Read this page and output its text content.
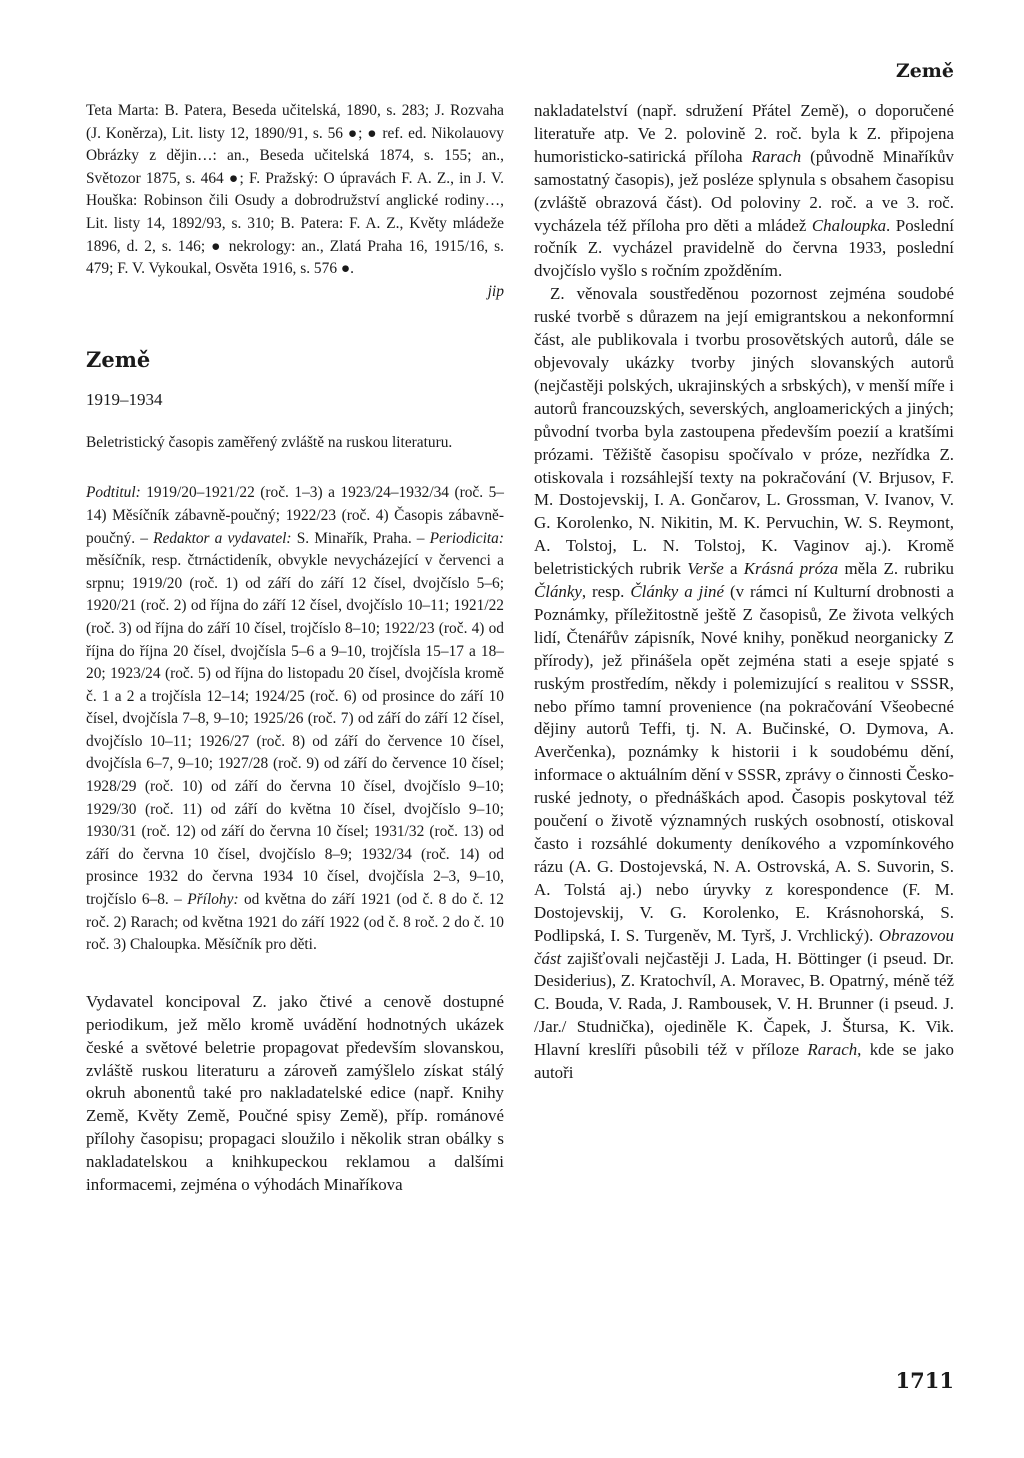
Země

Teta Marta: B. Patera, Beseda učitelská, 1890, s. 283; J. Rozvaha (J. Koněrza), Lit. listy 12, 1890/91, s. 56 ●; ● ref. ed. Nikolauovy Obrázky z dějin…: an., Beseda učitelská 1874, s. 155; an., Světozor 1875, s. 464 ●; F. Pražský: O úpravách F. A. Z., in J. V. Houška: Robinson čili Osudy a dobrodružství anglické rodiny…, Lit. listy 14, 1892/93, s. 310; B. Patera: F. A. Z., Květy mládeže 1896, d. 2, s. 146; ● nekrology: an., Zlatá Praha 16, 1915/16, s. 479; F. V. Vykoukal, Osvěta 1916, s. 576 ●.

jip
Země
1919–1934

Beletristický časopis zaměřený zvláště na ruskou literaturu.

Podtitul: 1919/20–1921/22 (roč. 1–3) a 1923/24–1932/34 (roč. 5–14) Měsíčník zábavně-poučný; 1922/23 (roč. 4) Časopis zábavně-poučný. – Redaktor a vydavatel: S. Minařík, Praha. – Periodicita: měsíčník, resp. čtrnáctideník, obvykle nevycházející v červenci a srpnu; 1919/20 (roč. 1) od září do září 12 čísel, dvojčíslo 5–6; 1920/21 (roč. 2) od října do září 12 čísel, dvojčíslo 10–11; 1921/22 (roč. 3) od října do září 10 čísel, trojčíslo 8–10; 1922/23 (roč. 4) od října do října 20 čísel, dvojčísla 5–6 a 9–10, trojčísla 15–17 a 18–20; 1923/24 (roč. 5) od října do listopadu 20 čísel, dvojčísla kromě č. 1 a 2 a trojčísla 12–14; 1924/25 (roč. 6) od prosince do září 10 čísel, dvojčísla 7–8, 9–10; 1925/26 (roč. 7) od září do září 12 čísel, dvojčíslo 10–11; 1926/27 (roč. 8) od září do července 10 čísel, dvojčísla 6–7, 9–10; 1927/28 (roč. 9) od září do července 10 čísel; 1928/29 (roč. 10) od září do června 10 čísel, dvojčíslo 9–10; 1929/30 (roč. 11) od září do května 10 čísel, dvojčíslo 9–10; 1930/31 (roč. 12) od září do června 10 čísel; 1931/32 (roč. 13) od září do června 10 čísel, dvojčíslo 8–9; 1932/34 (roč. 14) od prosince 1932 do června 1934 10 čísel, dvojčísla 2–3, 9–10, trojčíslo 6–8. – Přílohy: od května do září 1921 (od č. 8 do č. 12 roč. 2) Rarach; od května 1921 do září 1922 (od č. 8 roč. 2 do č. 10 roč. 3) Chaloupka. Měsíčník pro děti.

Vydavatel koncipoval Z. jako čtivé a cenově dostupné periodikum, jež mělo kromě uvádění hodnotných ukázek české a světové beletrie propagovat především slovanskou, zvláště ruskou literaturu a zároveň zamýšlelo získat stálý okruh abonentů také pro nakladatelské edice (např. Knihy Země, Květy Země, Poučné spisy Země), příp. románové přílohy časopisu; propagaci sloužilo i několik stran obálky s nakladatelskou a knihkupeckou reklamou a dalšími informacemi, zejména o výhodách Minaříkova

nakladatelství (např. sdružení Přátel Země), o doporučené literatuře atp. Ve 2. polovině 2. roč. byla k Z. připojena humoristicko-satirická příloha Rarach (původně Minaříkův samostatný časopis), jež posléze splynula s obsahem časopisu (zvláště obrazová část). Od poloviny 2. roč. a ve 3. roč. vycházela též příloha pro děti a mládež Chaloupka. Poslední ročník Z. vycházel pravidelně do června 1933, poslední dvojčíslo vyšlo s ročním zpožděním.

Z. věnovala soustředěnou pozornost zejména soudobé ruské tvorbě s důrazem na její emigrantskou a nekonformní část, ale publikovala i tvorbu prosovětských autorů, dále se objevovaly ukázky tvorby jiných slovanských autorů (nejčastěji polských, ukrajinských a srbských), v menší míře i autorů francouzských, severských, angloamerických a jiných; původní tvorba byla zastoupena především poezií a kratšími prózami. Těžiště časopisu spočívalo v próze, nezřídka Z. otiskovala i rozsáhlejší texty na pokračování (V. Brjusov, F. M. Dostojevskij, I. A. Gončarov, L. Grossman, V. Ivanov, V. G. Korolenko, N. Nikitin, M. K. Pervuchin, W. S. Reymont, A. Tolstoj, L. N. Tolstoj, K. Vaginov aj.). Kromě beletristických rubrik Verše a Krásná próza měla Z. rubriku Články, resp. Články a jiné (v rámci ní Kulturní drobnosti a Poznámky, příležitostně ještě Z časopisů, Ze života velkých lidí, Čtenářův zápisník, Nové knihy, poněkud neorganicky Z přírody), jež přinášela opět zejména stati a eseje spjaté s ruským prostředím, někdy i polemizující s realitou v SSSR, nebo přímo tamní provenience (na pokračování Všeobecné dějiny autorů Teffi, tj. N. A. Bučinské, O. Dymova, A. Averčenka), poznámky k historii i k soudobému dění, informace o aktuálním dění v SSSR, zprávy o činnosti Česko-ruské jednoty, o přednáškách apod. Časopis poskytoval též poučení o životě významných ruských osobností, otiskoval často i rozsáhlé dokumenty deníkového a vzpomínkového rázu (A. G. Dostojevská, N. A. Ostrovská, A. S. Suvorin, S. A. Tolstá aj.) nebo úryvky z korespondence (F. M. Dostojevskij, V. G. Korolenko, E. Krásnohorská, S. Podlipská, I. S. Turgeněv, M. Tyrš, J. Vrchlický). Obrazovou část zajišťovali nejčastěji J. Lada, H. Böttinger (i pseud. Dr. Desiderius), Z. Kratochvíl, A. Moravec, B. Opatrný, méně též C. Bouda, V. Rada, J. Rambousek, V. H. Brunner (i pseud. J. /Jar./ Studnička), ojediněle K. Čapek, J. Štursa, K. Vik. Hlavní kreslíři působili též v příloze Rarach, kde se jako autoři

1711
